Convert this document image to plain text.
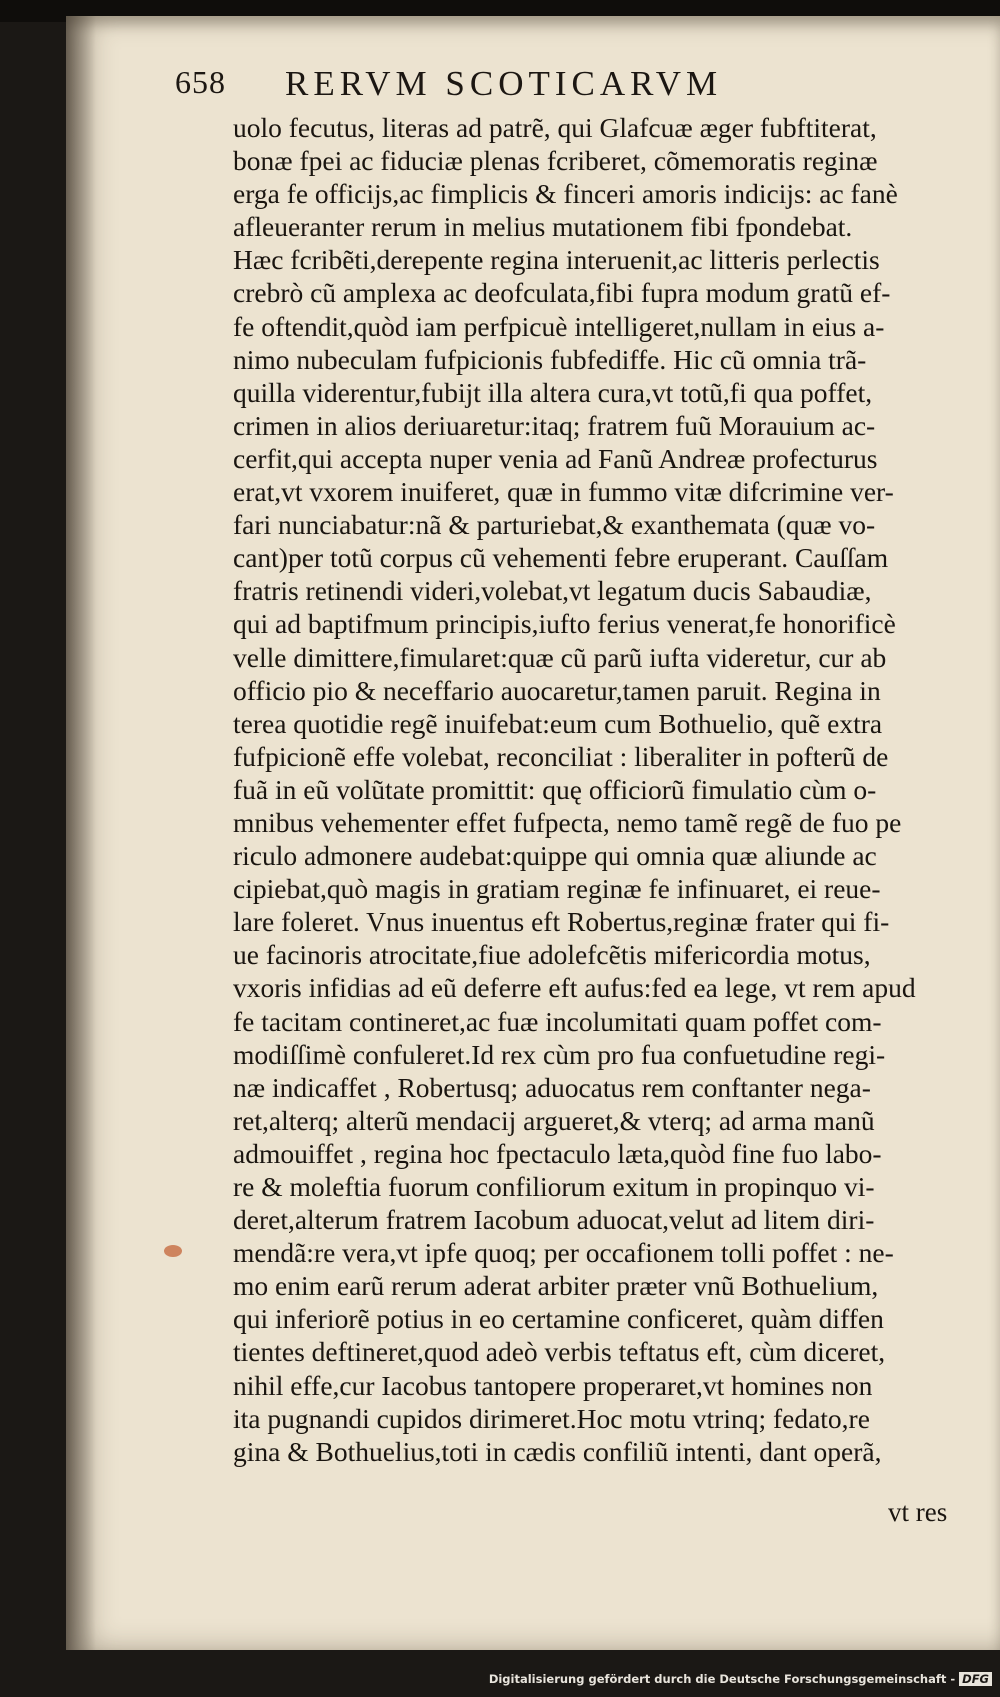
658 RERVM SCOTICARVM
uolo fecutus, literas ad patrẽ, qui Glafcuæ æger fubftiterat,
bonæ fpei ac fiduciæ plenas fcriberet, cõmemoratis reginæ
erga fe officijs,ac fimplicis & finceri amoris indicijs: ac fanè
afleueranter rerum in melius mutationem fibi fpondebat.
Hæc fcribẽti,derepente regina interuenit,ac litteris perlectis
crebrò cũ amplexa ac deofculata,fibi fupra modum gratũ ef-
fe oftendit,quòd iam perfpicuè intelligeret,nullam in eius a-
nimo nubeculam fufpicionis fubfediffe. Hic cũ omnia trã-
quilla viderentur,fubijt illa altera cura,vt totũ,fi qua poffet,
crimen in alios deriuaretur:itaq; fratrem fuũ Morauium ac-
cerfit,qui accepta nuper venia ad Fanũ Andreæ profecturus
erat,vt vxorem inuiferet, quæ in fummo vitæ difcrimine ver-
fari nunciabatur:nã & parturiebat,& exanthemata (quæ vo-
cant)per totũ corpus cũ vehementi febre eruperant. Cauſſam
fratris retinendi videri,volebat,vt legatum ducis Sabaudiæ,
qui ad baptifmum principis,iufto ferius venerat,fe honorificè
velle dimittere,fimularet:quæ cũ parũ iufta videretur, cur ab
officio pio & neceffario auocaretur,tamen paruit. Regina in
terea quotidie regẽ inuifebat:eum cum Bothuelio, quẽ extra
fufpicionẽ effe volebat, reconciliat : liberaliter in pofterũ de
fuã in eũ volũtate promittit: quę officiorũ fimulatio cùm o-
mnibus vehementer effet fufpecta, nemo tamẽ regẽ de fuo pe
riculo admonere audebat:quippe qui omnia quæ aliunde ac
cipiebat,quò magis in gratiam reginæ fe infinuaret, ei reue-
lare foleret. Vnus inuentus eft Robertus,reginæ frater qui fi-
ue facinoris atrocitate,fiue adolefcẽtis mifericordia motus,
vxoris infidias ad eũ deferre eft aufus:fed ea lege, vt rem apud
fe tacitam contineret,ac fuæ incolumitati quam poffet com-
modiſſimè confuleret.Id rex cùm pro fua confuetudine regi-
næ indicaffet , Robertusq; aduocatus rem conftanter nega-
ret,alterq; alterũ mendacij argueret,& vterq; ad arma manũ
admouiffet , regina hoc fpectaculo læta,quòd fine fuo labo-
re & moleftia fuorum confiliorum exitum in propinquo vi-
deret,alterum fratrem Iacobum aduocat,velut ad litem diri-
mendã:re vera,vt ipfe quoq; per occafionem tolli poffet : ne-
mo enim earũ rerum aderat arbiter præter vnũ Bothuelium,
qui inferiorẽ potius in eo certamine conficeret, quàm diffen
tientes deftineret,quod adeò verbis teftatus eft, cùm diceret,
nihil effe,cur Iacobus tantopere properaret,vt homines non
ita pugnandi cupidos dirimeret.Hoc motu vtrinq; fedato,re
gina & Bothuelius,toti in cædis confiliũ intenti, dant operã,
vt res
Digitalisierung gefördert durch die Deutsche Forschungsgemeinschaft - DFG
